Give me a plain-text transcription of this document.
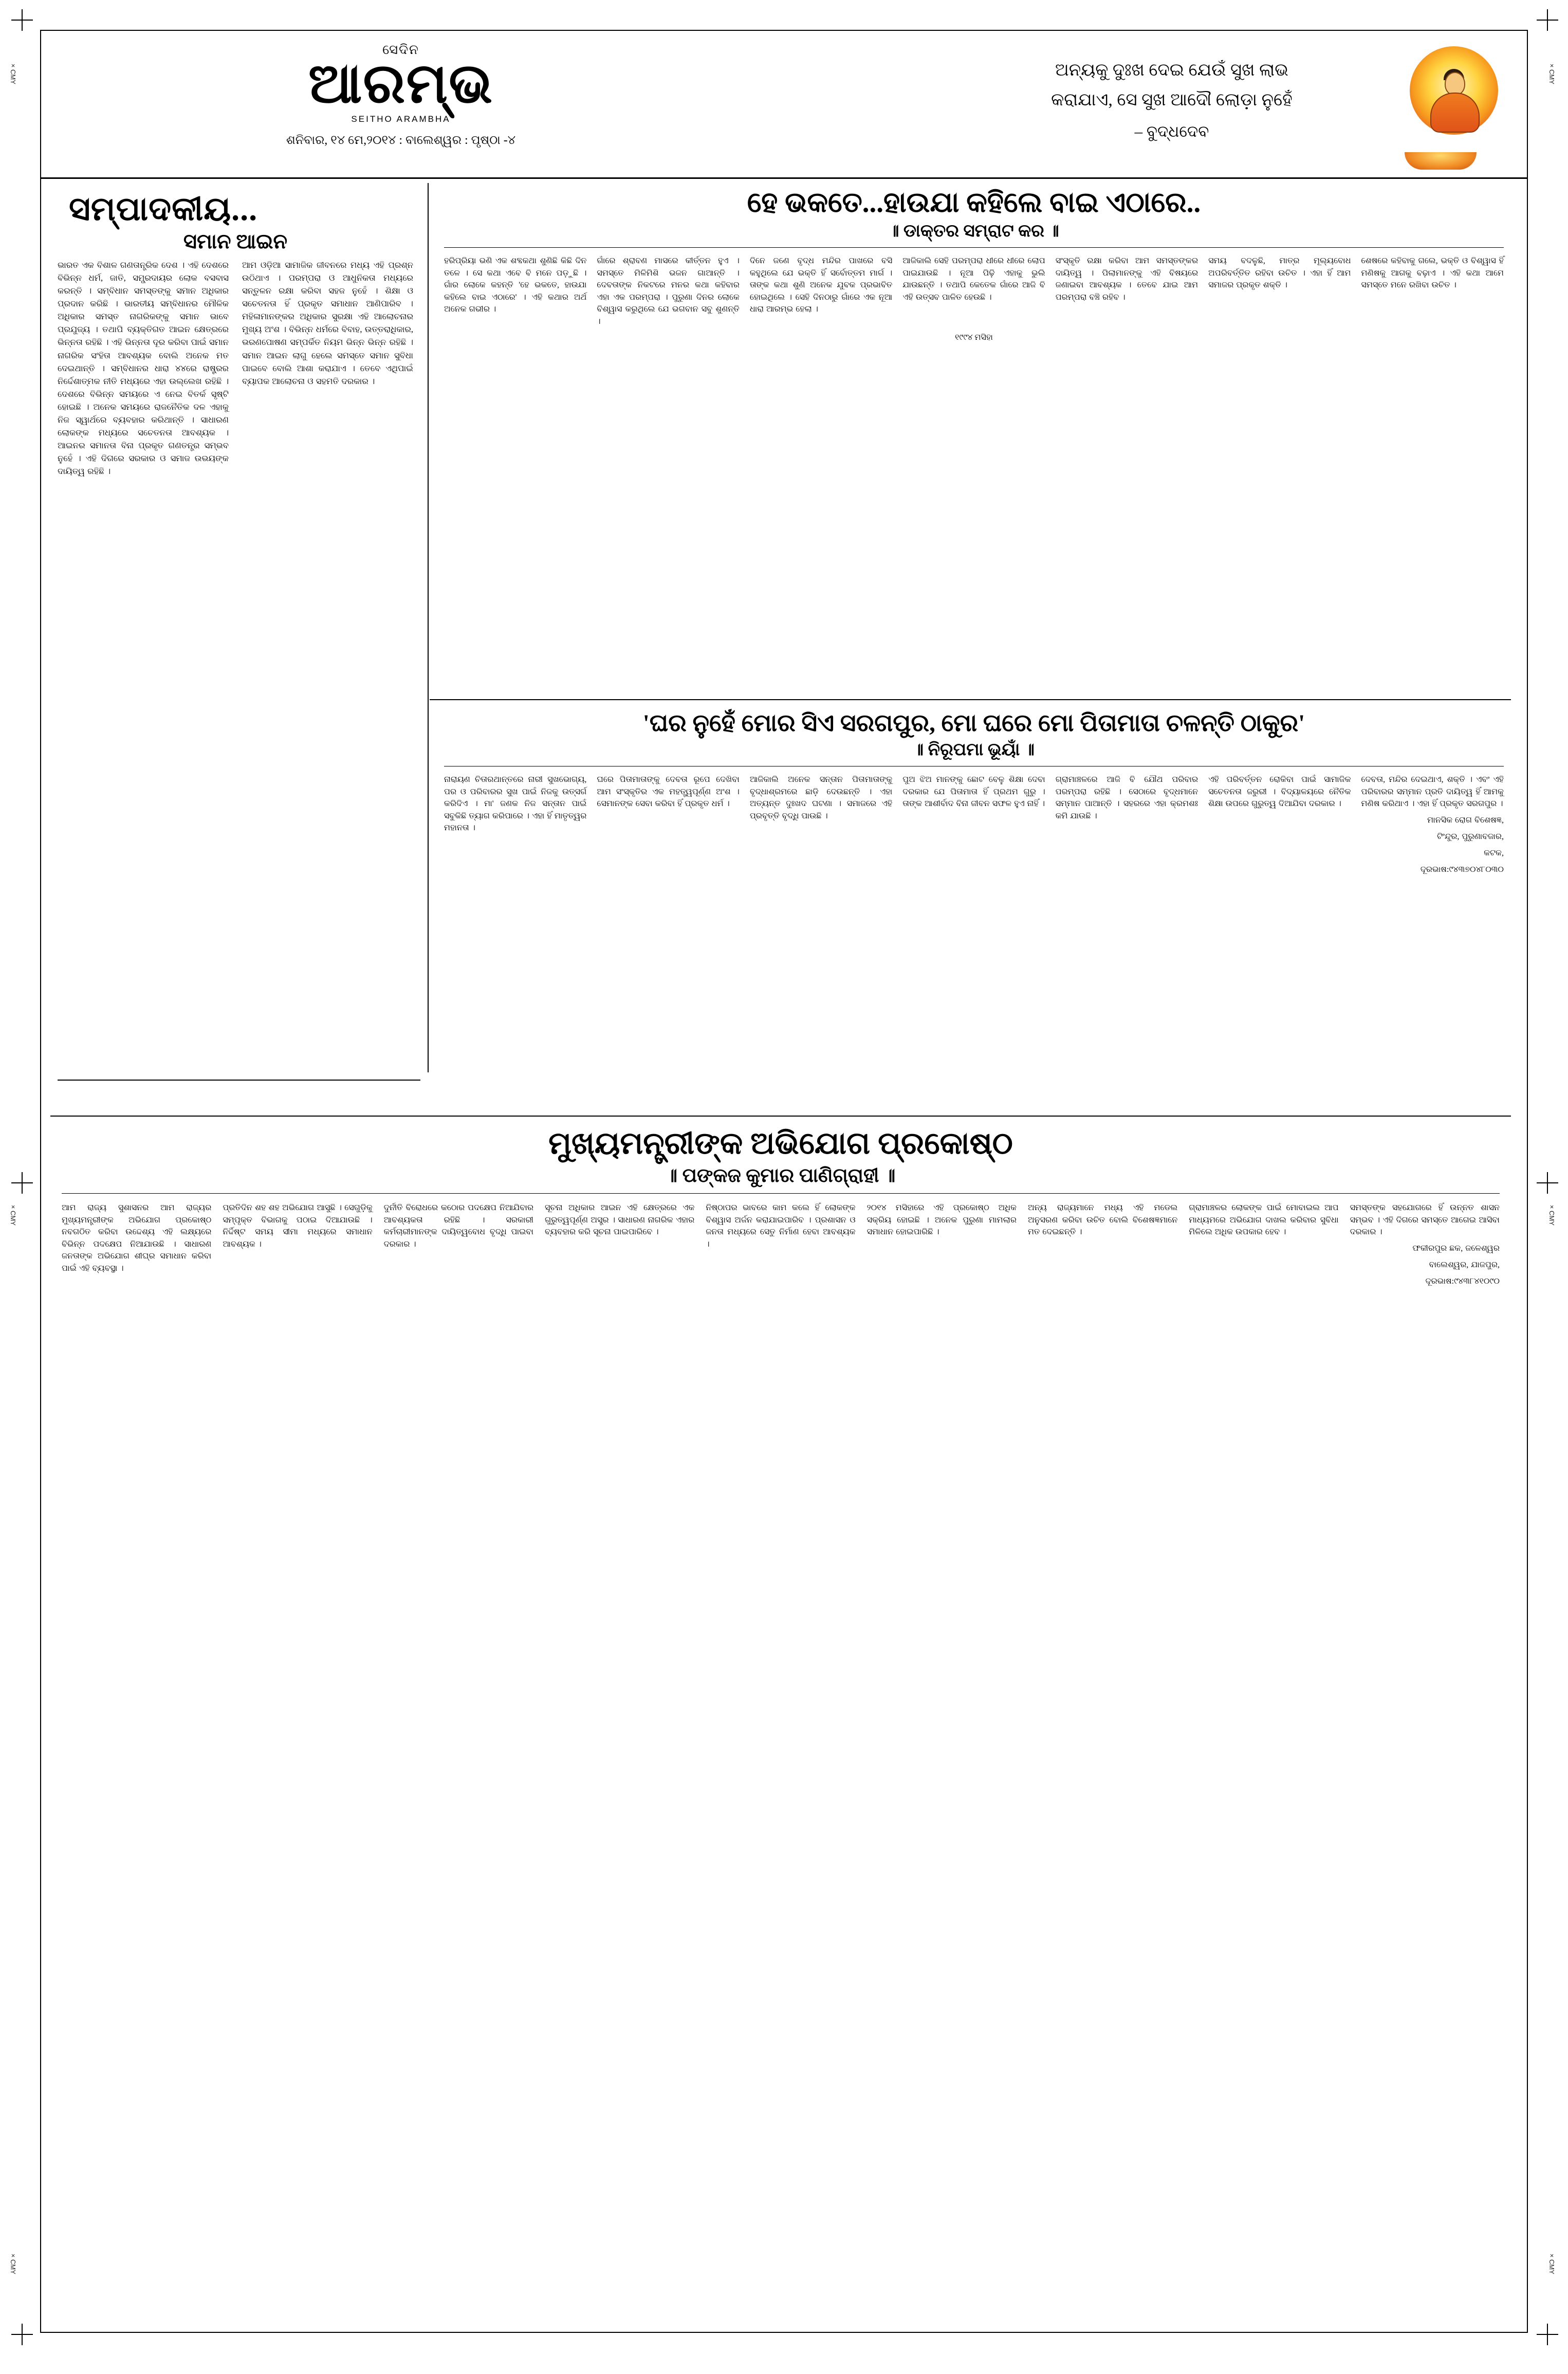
×CMY	×CMY
×CMY	×CMY
×CMY	×CMY
ସେଦିନ
ଆରମ୍ଭ
SEITHO ARAMBHA
ଶନିବାର, ୧୪ ମେ,୨୦୧୪ : ବାଲେଶ୍ୱର : ପୃଷ୍ଠା -୪
ଅନ୍ୟକୁ ଦୁଃଖ ଦେଇ ଯେଉଁ ସୁଖ ଲାଭ
କରାଯାଏ, ସେ ସୁଖ ଆଦୌ ଲୋଡ଼ା ନୁହେଁ
– ବୁଦ୍ଧଦେବ
ସମ୍ପାଦକୀୟ...
ସମାନ ଆଇନ
ଭାରତ ଏକ ବିଶାଳ ଗଣତାନ୍ତ୍ରିକ ଦେଶ । ଏହି ଦେଶରେ ବିଭିନ୍ନ ଧର୍ମ, ଜାତି, ସମ୍ପ୍ରଦାୟର ଲୋକ ବସବାସ କରନ୍ତି । ସମ୍ବିଧାନ ସମସ୍ତଙ୍କୁ ସମାନ ଅଧିକାର ପ୍ରଦାନ କରିଛି । ଭାରତୀୟ ସମ୍ବିଧାନର ମୌଳିକ ଅଧିକାର ସମସ୍ତ ନାଗରିକଙ୍କୁ ସମାନ ଭାବେ ପ୍ରଯୁଜ୍ୟ । ତଥାପି ବ୍ୟକ୍ତିଗତ ଆଇନ କ୍ଷେତ୍ରରେ ଭିନ୍ନତା ରହିଛି । ଏହି ଭିନ୍ନତା ଦୂର କରିବା ପାଇଁ ସମାନ ନାଗରିକ ସଂହିତା ଆବଶ୍ୟକ ବୋଲି ଅନେକ ମତ ଦେଇଥାନ୍ତି । ସମ୍ବିଧାନର ଧାରା ୪୪ରେ ରାଷ୍ଟ୍ରର ନିର୍ଦ୍ଦେଶାତ୍ମକ ନୀତି ମଧ୍ୟରେ ଏହା ଉଲ୍ଲେଖ ରହିଛି । ଦେଶରେ ବିଭିନ୍ନ ସମୟରେ ଏ ନେଇ ବିତର୍କ ସୃଷ୍ଟି ହୋଇଛି । ଅନେକ ସମୟରେ ରାଜନୈତିକ ଦଳ ଏହାକୁ ନିଜ ସ୍ୱାର୍ଥରେ ବ୍ୟବହାର କରିଥାନ୍ତି । ସାଧାରଣ ଲୋକଙ୍କ ମଧ୍ୟରେ ସଚେତନତା ଆବଶ୍ୟକ । ଆଇନର ସମାନତା ବିନା ପ୍ରକୃତ ଗଣତନ୍ତ୍ର ସମ୍ଭବ ନୁହେଁ । ଏହି ଦିଗରେ ସରକାର ଓ ସମାଜ ଉଭୟଙ୍କ ଦାୟିତ୍ୱ ରହିଛି ।
ଆମ ଓଡ଼ିଆ ସାମାଜିକ ଜୀବନରେ ମଧ୍ୟ ଏହି ପ୍ରଶ୍ନ ଉଠିଥାଏ । ପରମ୍ପରା ଓ ଆଧୁନିକତା ମଧ୍ୟରେ ସନ୍ତୁଳନ ରକ୍ଷା କରିବା ସହଜ ନୁହେଁ । ଶିକ୍ଷା ଓ ସଚେତନତା ହିଁ ପ୍ରକୃତ ସମାଧାନ ଆଣିପାରିବ । ମହିଳାମାନଙ୍କର ଅଧିକାର ସୁରକ୍ଷା ଏହି ଆଲୋଚନାର ମୁଖ୍ୟ ଅଂଶ । ବିଭିନ୍ନ ଧର୍ମରେ ବିବାହ, ଉତ୍ତରାଧିକାର, ଭରଣପୋଷଣ ସମ୍ପର୍କିତ ନିୟମ ଭିନ୍ନ ଭିନ୍ନ ରହିଛି । ସମାନ ଆଇନ ଲାଗୁ ହେଲେ ସମସ୍ତେ ସମାନ ସୁବିଧା ପାଇବେ ବୋଲି ଆଶା କରାଯାଏ । ତେବେ ଏଥିପାଇଁ ବ୍ୟାପକ ଆଲୋଚନା ଓ ସହମତି ଦରକାର ।
ହେ ଭକତେ...ହାଉଯା କହିଲେ ବାଇ ଏଠାରେ..
॥ ଡାକ୍ତର ସମ୍ରାଟ କର ॥
ହରିପ୍ରିୟା ଭଣି ଏକ ଶବ୍ଦକଥା ଶୁଣିଛି କିଛି ଦିନ ତଳେ । ସେ କଥା ଏବେ ବି ମନେ ପଡ଼ୁଛି । ଗାଁର ଲୋକେ କହନ୍ତି 'ହେ ଭକତେ, ହାଉଯା କହିଲେ ବାଇ ଏଠାରେ' । ଏହି କଥାର ଅର୍ଥ ଅନେକ ଗଭୀର ।
ଗାଁରେ ଶ୍ରାବଣ ମାସରେ କୀର୍ତ୍ତନ ହୁଏ । ସମସ୍ତେ ମିଳିମିଶି ଭଜନ ଗାଆନ୍ତି । ଦେବତାଙ୍କ ନିକଟରେ ମନର କଥା କହିବାର ଏହା ଏକ ପରମ୍ପରା । ପୁରୁଣା ଦିନର ଲୋକେ ବିଶ୍ୱାସ କରୁଥିଲେ ଯେ ଭଗବାନ ସବୁ ଶୁଣନ୍ତି ।
ଦିନେ ଜଣେ ବୃଦ୍ଧ ମନ୍ଦିର ପାଖରେ ବସି କହୁଥିଲେ ଯେ ଭକ୍ତି ହିଁ ସର୍ବୋତ୍ତମ ମାର୍ଗ । ତାଙ୍କ କଥା ଶୁଣି ଅନେକ ଯୁବକ ପ୍ରଭାବିତ ହୋଇଥିଲେ । ସେହି ଦିନଠାରୁ ଗାଁରେ ଏକ ନୂଆ ଧାରା ଆରମ୍ଭ ହେଲା ।
ଆଜିକାଲି ସେହି ପରମ୍ପରା ଧୀରେ ଧୀରେ ଲୋପ ପାଇଯାଉଛି । ନୂଆ ପିଢ଼ି ଏହାକୁ ଭୁଲି ଯାଉଛନ୍ତି । ତଥାପି କେତେକ ଗାଁରେ ଆଜି ବି ଏହି ଉତ୍ସବ ପାଳିତ ହେଉଛି ।
ସଂସ୍କୃତି ରକ୍ଷା କରିବା ଆମ ସମସ୍ତଙ୍କର ଦାୟିତ୍ୱ । ପିଲାମାନଙ୍କୁ ଏହି ବିଷୟରେ ଜଣାଇବା ଆବଶ୍ୟକ । ତେବେ ଯାଇ ଆମ ପରମ୍ପରା ବଞ୍ଚି ରହିବ ।
ସମୟ ବଦଳୁଛି, ମାତ୍ର ମୂଲ୍ୟବୋଧ ଅପରିବର୍ତ୍ତିତ ରହିବା ଉଚିତ । ଏହା ହିଁ ଆମ ସମାଜର ପ୍ରକୃତ ଶକ୍ତି ।
ଶେଷରେ କହିବାକୁ ଗଲେ, ଭକ୍ତି ଓ ବିଶ୍ୱାସ ହିଁ ମଣିଷକୁ ଆଗକୁ ବଢ଼ାଏ । ଏହି କଥା ଆମେ ସମସ୍ତେ ମନେ ରଖିବା ଉଚିତ ।
୧୯୯୪ ମସିହା
'ଘର ନୁହେଁ ମୋର ସିଏ ସରଗପୁର, ମୋ ଘରେ ମୋ ପିତାମାତା ଚଳନ୍ତି ଠାକୁର'
॥ ନିରୂପମା ଭୂୟାଁ ॥
ନାରାୟଣ ଚିତାରଥାନ୍ତରେ ନାରୀ ସୁଖଭୋଗ୍ୟ, ପର ଓ ପରିବାରର ସୁଖ ପାଇଁ ନିଜକୁ ଉତ୍ସର୍ଗ କରିଦିଏ । ମା' ଜଣକ ନିଜ ସନ୍ତାନ ପାଇଁ ସବୁକିଛି ତ୍ୟାଗ କରିପାରେ । ଏହା ହିଁ ମାତୃତ୍ୱର ମହାନତା ।
ଘରେ ପିତାମାତାଙ୍କୁ ଦେବତା ରୂପେ ଦେଖିବା ଆମ ସଂସ୍କୃତିର ଏକ ମହତ୍ତ୍ୱପୂର୍ଣ୍ଣ ଅଂଶ । ସେମାନଙ୍କ ସେବା କରିବା ହିଁ ପ୍ରକୃତ ଧର୍ମ ।
ଆଜିକାଲି ଅନେକ ସନ୍ତାନ ପିତାମାତାଙ୍କୁ ବୃଦ୍ଧାଶ୍ରମରେ ଛାଡ଼ି ଦେଉଛନ୍ତି । ଏହା ଅତ୍ୟନ୍ତ ଦୁଃଖଦ ଘଟଣା । ସମାଜରେ ଏହି ପ୍ରବୃତ୍ତି ବୃଦ୍ଧି ପାଉଛି ।
ପୁଅ ଝିଅ ମାନଙ୍କୁ ଛୋଟ ବେଳୁ ଶିକ୍ଷା ଦେବା ଦରକାର ଯେ ପିତାମାତା ହିଁ ପ୍ରଥମ ଗୁରୁ । ତାଙ୍କ ଆଶୀର୍ବାଦ ବିନା ଜୀବନ ସଫଳ ହୁଏ ନାହିଁ ।
ଗ୍ରାମାଞ୍ଚଳରେ ଆଜି ବି ଯୌଥ ପରିବାର ପରମ୍ପରା ରହିଛି । ସେଠାରେ ବୃଦ୍ଧମାନେ ସମ୍ମାନ ପାଆନ୍ତି । ସହରରେ ଏହା କ୍ରମଶଃ କମି ଯାଉଛି ।
ଏହି ପରିବର୍ତ୍ତନ ରୋକିବା ପାଇଁ ସାମାଜିକ ସଚେତନତା ଜରୁରୀ । ବିଦ୍ୟାଳୟରେ ନୈତିକ ଶିକ୍ଷା ଉପରେ ଗୁରୁତ୍ୱ ଦିଆଯିବା ଦରକାର ।
ଦେବତା, ମନ୍ଦିର ଦେଇଥାଏ, ଶକ୍ତି । ଏବଂ ଏହି ପରିବାରର ସମ୍ମାନ ପ୍ରତି ଦାୟିତ୍ୱ ହିଁ ଆମକୁ ମଣିଷ କରିଥାଏ । ଏହା ହିଁ ପ୍ରକୃତ ସରଗପୁର ।
ମାନସିକ ରୋଗ ବିଶେଷଜ୍ଞ,
ଟିଂନ୍ଦୁର, ପୁରୁଣାବଜାର,
କଟକ,
ଦୂରଭାଷ:୯୪୩୭୦୪୮୦୩୦
ମୁଖ୍ୟମନ୍ତ୍ରୀଙ୍କ ଅଭିଯୋଗ ପ୍ରକୋଷ୍ଠ
॥ ପଙ୍କଜ କୁମାର ପାଣିଗ୍ରାହୀ ॥
ଆମ ରାଜ୍ୟ ସୁଶାସନର ଆମ ରାଜ୍ୟର ମୁଖ୍ୟମନ୍ତ୍ରୀଙ୍କ ଅଭିଯୋଗ ପ୍ରକୋଷ୍ଠ ନବଗଠିତ କରିବା ଉଦ୍ଦେଶ୍ୟ ଏହି ଲକ୍ଷ୍ୟରେ ବିଭିନ୍ନ ପଦକ୍ଷେପ ନିଆଯାଉଛି । ସାଧାରଣ ଜନତାଙ୍କ ଅଭିଯୋଗ ଶୀଘ୍ର ସମାଧାନ କରିବା ପାଇଁ ଏହି ବ୍ୟବସ୍ଥା ।
ପ୍ରତିଦିନ ଶହ ଶହ ଅଭିଯୋଗ ଆସୁଛି । ସେଗୁଡ଼ିକୁ ସମ୍ପୃକ୍ତ ବିଭାଗକୁ ପଠାଇ ଦିଆଯାଉଛି । ନିର୍ଦ୍ଦିଷ୍ଟ ସମୟ ସୀମା ମଧ୍ୟରେ ସମାଧାନ ଆବଶ୍ୟକ ।
ଦୁର୍ନୀତି ବିରୋଧରେ କଠୋର ପଦକ୍ଷେପ ନିଆଯିବାର ଆବଶ୍ୟକତା ରହିଛି । ସରକାରୀ କର୍ମଚାରୀମାନଙ୍କ ଦାୟିତ୍ୱବୋଧ ବୃଦ୍ଧି ପାଇବା ଦରକାର ।
ସୂଚନା ଅଧିକାର ଆଇନ ଏହି କ୍ଷେତ୍ରରେ ଏକ ଗୁରୁତ୍ୱପୂର୍ଣ୍ଣ ଅସ୍ତ୍ର । ସାଧାରଣ ନାଗରିକ ଏହାର ବ୍ୟବହାର କରି ସୂଚନା ପାଇପାରିବେ ।
ନିଷ୍ଠାପର ଭାବରେ କାମ କଲେ ହିଁ ଲୋକଙ୍କ ବିଶ୍ୱାସ ଅର୍ଜନ କରାଯାଇପାରିବ । ପ୍ରଶାସନ ଓ ଜନତା ମଧ୍ୟରେ ସେତୁ ନିର୍ମାଣ ହେବା ଆବଶ୍ୟକ ।
୨୦୧୪ ମସିହାରେ ଏହି ପ୍ରକୋଷ୍ଠ ଅଧିକ ସକ୍ରିୟ ହୋଇଛି । ଅନେକ ପୁରୁଣା ମାମଲାର ସମାଧାନ ହୋଇପାରିଛି ।
ଅନ୍ୟ ରାଜ୍ୟମାନେ ମଧ୍ୟ ଏହି ମଡେଲ ଅନୁସରଣ କରିବା ଉଚିତ ବୋଲି ବିଶେଷଜ୍ଞମାନେ ମତ ଦେଇଛନ୍ତି ।
ଗ୍ରାମାଞ୍ଚଳର ଲୋକଙ୍କ ପାଇଁ ମୋବାଇଲ ଆପ ମାଧ୍ୟମରେ ଅଭିଯୋଗ ଦାଖଲ କରିବାର ସୁବିଧା ମିଳିଲେ ଅଧିକ ଉପକାର ହେବ ।
ସମସ୍ତଙ୍କ ସହଯୋଗରେ ହିଁ ଉନ୍ନତ ଶାସନ ସମ୍ଭବ । ଏହି ଦିଗରେ ସମସ୍ତେ ଆଗେଇ ଆସିବା ଦରକାର ।
ଫକୀରପୁର ଛକ, ଜଳେଶ୍ୱର
ବାଲେଶ୍ୱର, ଯାଜପୁର,
ଦୂରଭାଷ:୯୪୩୮୪୧୦୯୦
